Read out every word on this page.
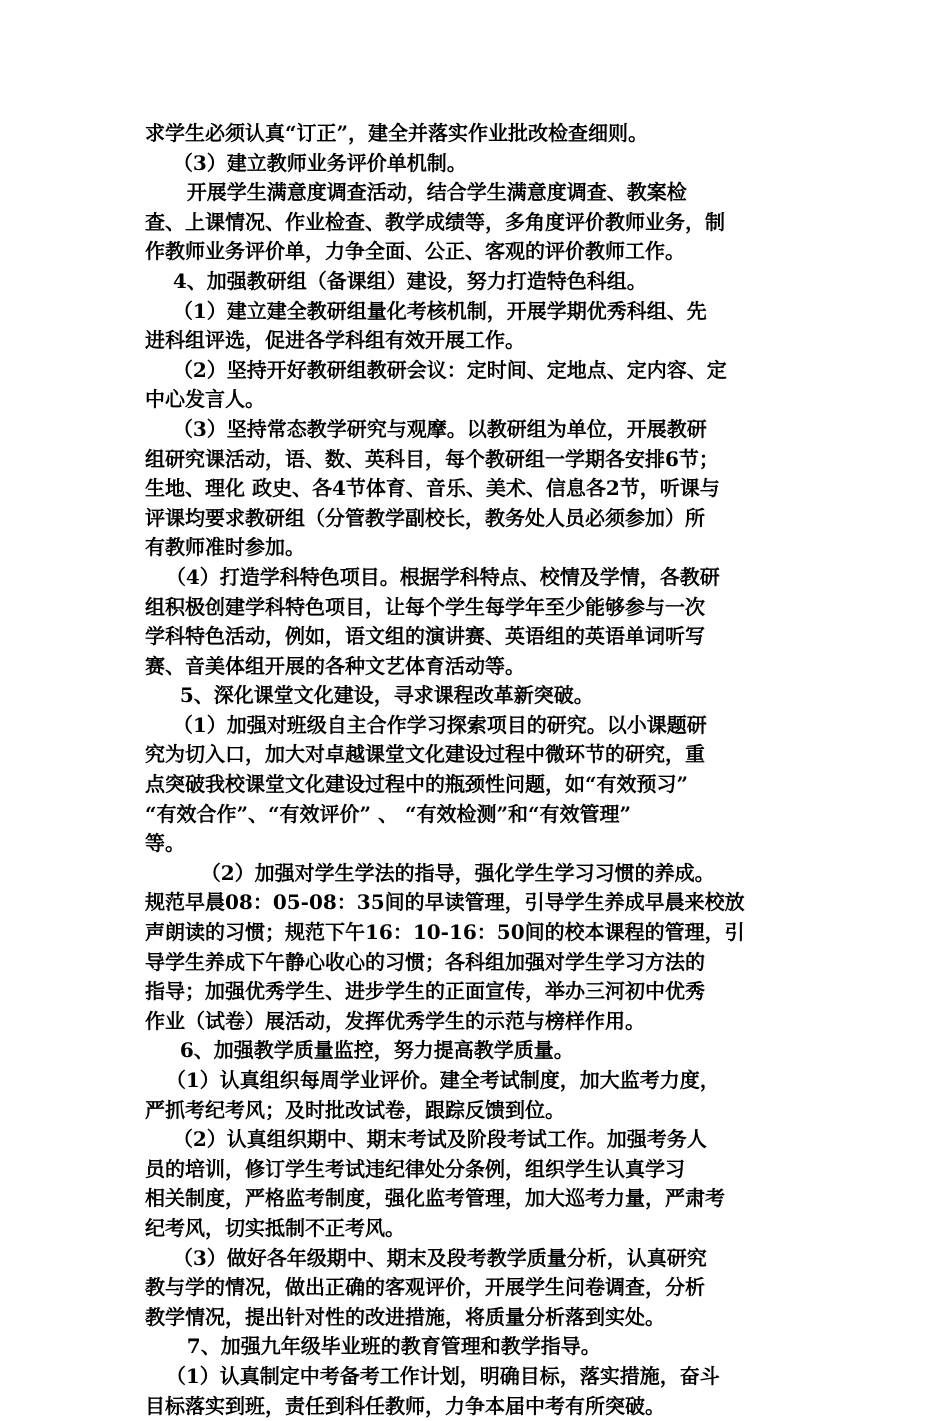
求学生必须认真“订正”，建全并落实作业批改检查细则。
（3）建立教师业务评价单机制。
开展学生满意度调查活动，结合学生满意度调查、教案检
查、上课情况、作业检查、教学成绩等，多角度评价教师业务，制
作教师业务评价单，力争全面、公正、客观的评价教师工作。
4、加强教研组（备课组）建设，努力打造特色科组。
（1）建立建全教研组量化考核机制，开展学期优秀科组、先
进科组评选，促进各学科组有效开展工作。
（2）坚持开好教研组教研会议：定时间、定地点、定内容、定
中心发言人。
（3）坚持常态教学研究与观摩。以教研组为单位，开展教研
组研究课活动，语、数、英科目，每个教研组一学期各安排6节；
生地、理化 政史、各4节体育、音乐、美术、信息各2节，听课与
评课均要求教研组（分管教学副校长，教务处人员必须参加）所
有教师准时参加。
（4）打造学科特色项目。根据学科特点、校情及学情，各教研
组积极创建学科特色项目，让每个学生每学年至少能够参与一次
学科特色活动，例如，语文组的演讲赛、英语组的英语单词听写
赛、音美体组开展的各种文艺体育活动等。
5、深化课堂文化建设，寻求课程改革新突破。
（1）加强对班级自主合作学习探索项目的研究。以小课题研
究为切入口，加大对卓越课堂文化建设过程中微环节的研究，重
点突破我校课堂文化建设过程中的瓶颈性问题，如“有效预习”
“有效合作”、“有效评价” 、 “有效检测”和“有效管理”
等。
（2）加强对学生学法的指导，强化学生学习习惯的养成。
规范早晨08：05-08：35间的早读管理，引导学生养成早晨来校放
声朗读的习惯；规范下午16：10-16：50间的校本课程的管理，引
导学生养成下午静心收心的习惯；各科组加强对学生学习方法的
指导；加强优秀学生、进步学生的正面宣传，举办三河初中优秀
作业（试卷）展活动，发挥优秀学生的示范与榜样作用。
6、加强教学质量监控，努力提高教学质量。
（1）认真组织每周学业评价。建全考试制度，加大监考力度，
严抓考纪考风；及时批改试卷，跟踪反馈到位。
（2）认真组织期中、期末考试及阶段考试工作。加强考务人
员的培训，修订学生考试违纪律处分条例，组织学生认真学习
相关制度，严格监考制度，强化监考管理，加大巡考力量，严肃考
纪考风，切实抵制不正考风。
（3）做好各年级期中、期末及段考教学质量分析，认真研究
教与学的情况，做出正确的客观评价，开展学生问卷调查，分析
教学情况，提出针对性的改进措施，将质量分析落到实处。
7、加强九年级毕业班的教育管理和教学指导。
（1）认真制定中考备考工作计划，明确目标，落实措施，奋斗
目标落实到班，责任到科任教师，力争本届中考有所突破。
